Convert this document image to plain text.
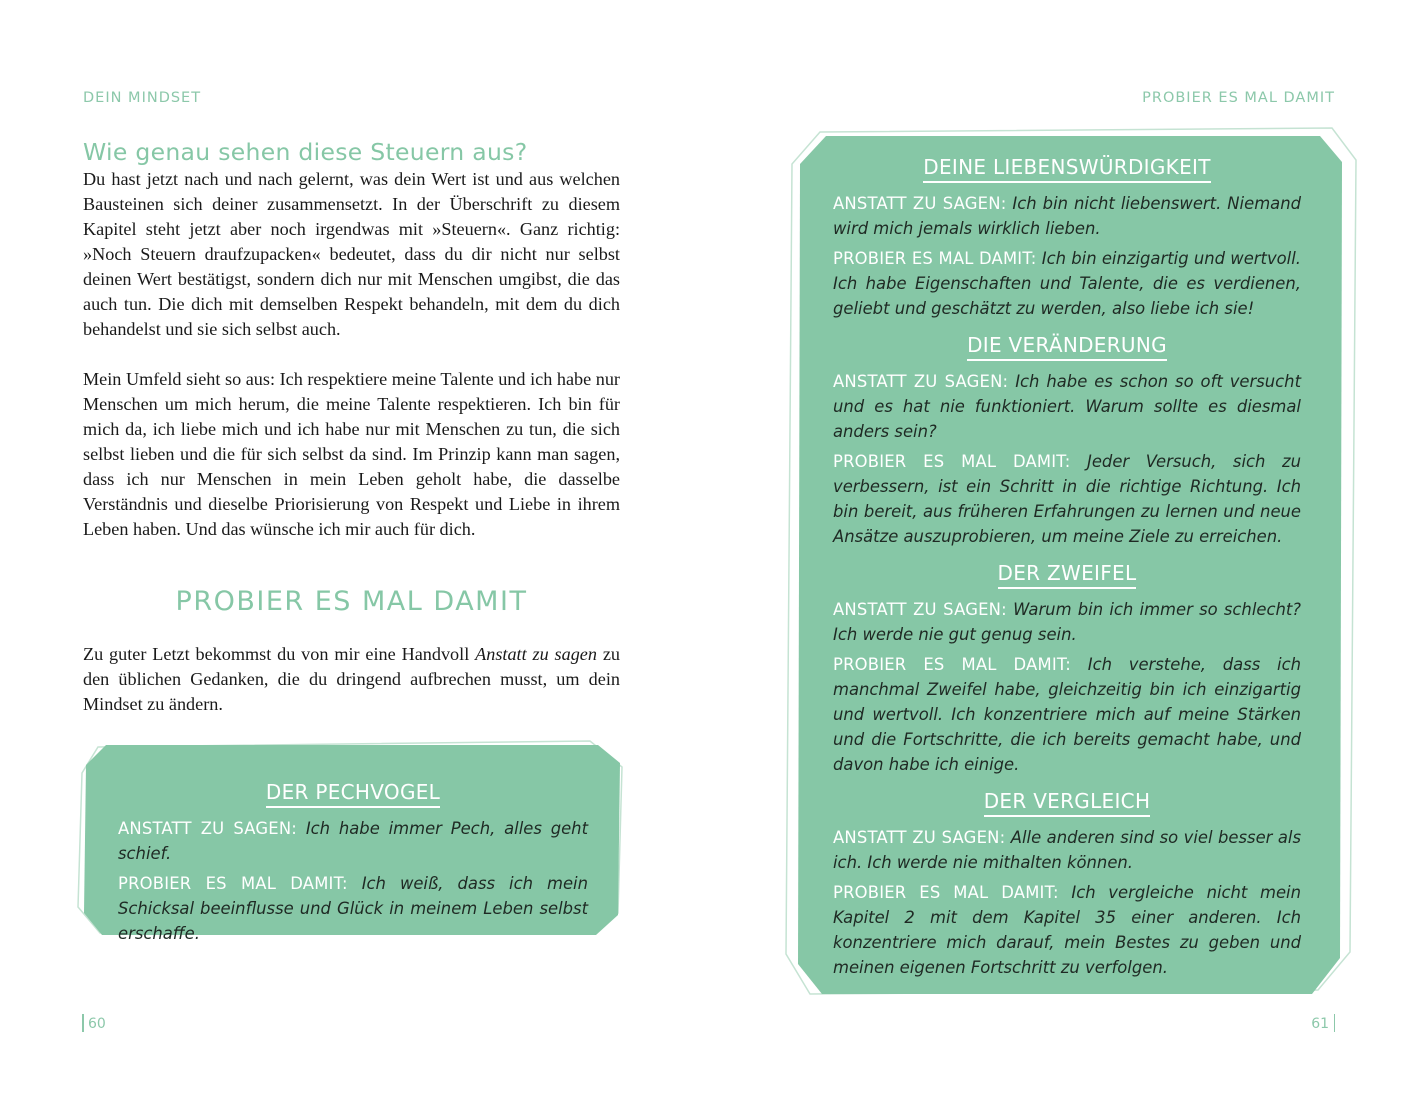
DEIN MINDSET
Wie genau sehen diese Steuern aus?

Du hast jetzt nach und nach gelernt, was dein Wert ist und aus welchen Bausteinen sich deiner zusammensetzt. In der Überschrift zu diesem Kapitel steht jetzt aber noch irgendwas mit »Steuern«. Ganz richtig: »Noch Steuern draufzupacken« bedeutet, dass du dir nicht nur selbst deinen Wert bestätigst, sondern dich nur mit Menschen umgibst, die das auch tun. Die dich mit demselben Respekt behandeln, mit dem du dich behandelst und sie sich selbst auch.

Mein Umfeld sieht so aus: Ich respektiere meine Talente und ich habe nur Menschen um mich herum, die meine Talente respektieren. Ich bin für mich da, ich liebe mich und ich habe nur mit Menschen zu tun, die sich selbst lieben und die für sich selbst da sind. Im Prinzip kann man sagen, dass ich nur Menschen in mein Leben geholt habe, die dasselbe Verständnis und dieselbe Priorisierung von Respekt und Liebe in ihrem Leben haben. Und das wünsche ich mir auch für dich.

PROBIER ES MAL DAMIT

Zu guter Letzt bekommst du von mir eine Handvoll Anstatt zu sagen zu den üblichen Gedanken, die du dringend aufbrechen musst, um dein Mindset zu ändern.

DER PECHVOGEL

ANSTATT ZU SAGEN: Ich habe immer Pech, alles geht schief.

PROBIER ES MAL DAMIT: Ich weiß, dass ich mein Schicksal beeinflusse und Glück in meinem Leben selbst erschaffe.

60
PROBIER ES MAL DAMIT
DEINE LIEBENSWÜRDIGKEIT

ANSTATT ZU SAGEN: Ich bin nicht liebenswert. Niemand wird mich jemals wirklich lieben.

PROBIER ES MAL DAMIT: Ich bin einzigartig und wertvoll. Ich habe Eigenschaften und Talente, die es verdienen, geliebt und geschätzt zu werden, also liebe ich sie!

DIE VERÄNDERUNG

ANSTATT ZU SAGEN: Ich habe es schon so oft versucht und es hat nie funktioniert. Warum sollte es diesmal anders sein?

PROBIER ES MAL DAMIT: Jeder Versuch, sich zu verbessern, ist ein Schritt in die richtige Richtung. Ich bin bereit, aus früheren Erfahrungen zu lernen und neue Ansätze auszuprobieren, um meine Ziele zu erreichen.

DER ZWEIFEL

ANSTATT ZU SAGEN: Warum bin ich immer so schlecht? Ich werde nie gut genug sein.

PROBIER ES MAL DAMIT: Ich verstehe, dass ich manchmal Zweifel habe, gleichzeitig bin ich einzigartig und wertvoll. Ich konzentriere mich auf meine Stärken und die Fortschritte, die ich bereits gemacht habe, und davon habe ich einige.

DER VERGLEICH

ANSTATT ZU SAGEN: Alle anderen sind so viel besser als ich. Ich werde nie mithalten können.

PROBIER ES MAL DAMIT: Ich vergleiche nicht mein Kapitel 2 mit dem Kapitel 35 einer anderen. Ich konzentriere mich darauf, mein Bestes zu geben und meinen eigenen Fortschritt zu verfolgen.

61
